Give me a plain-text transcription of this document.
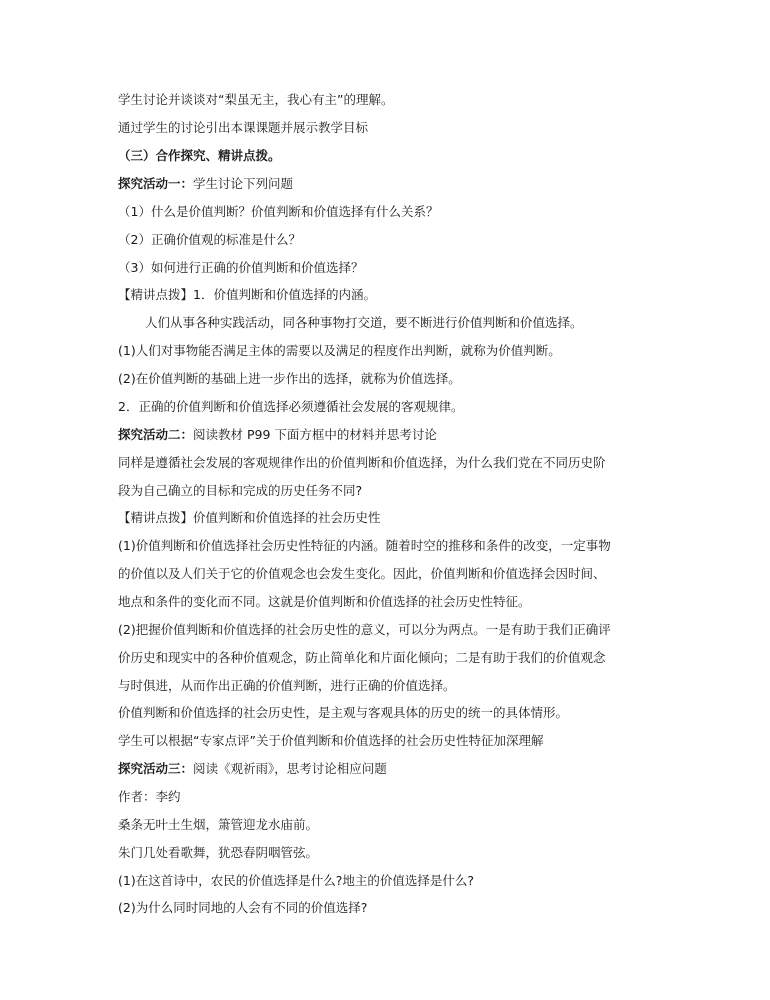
学生讨论并谈谈对“梨虽无主，我心有主”的理解。
通过学生的讨论引出本课课题并展示教学目标
（三）合作探究、精讲点拨。
探究活动一：学生讨论下列问题
（1）什么是价值判断？价值判断和价值选择有什么关系？
（2）正确价值观的标准是什么？
（3）如何进行正确的价值判断和价值选择？
【精讲点拨】1．价值判断和价值选择的内涵。
人们从事各种实践活动，同各种事物打交道，要不断进行价值判断和价值选择。
(1)人们对事物能否满足主体的需要以及满足的程度作出判断，就称为价值判断。
(2)在价值判断的基础上进一步作出的选择，就称为价值选择。
2．正确的价值判断和价值选择必须遵循社会发展的客观规律。
探究活动二：阅读教材 P99 下面方框中的材料并思考讨论
同样是遵循社会发展的客观规律作出的价值判断和价值选择，为什么我们党在不同历史阶
段为自己确立的目标和完成的历史任务不同?
【精讲点拨】价值判断和价值选择的社会历史性
(1)价值判断和价值选择社会历史性特征的内涵。随着时空的推移和条件的改变，一定事物
的价值以及人们关于它的价值观念也会发生变化。因此，价值判断和价值选择会因时间、
地点和条件的变化而不同。这就是价值判断和价值选择的社会历史性特征。
(2)把握价值判断和价值选择的社会历史性的意义，可以分为两点。一是有助于我们正确评
价历史和现实中的各种价值观念，防止简单化和片面化倾向；二是有助于我们的价值观念
与时俱进，从而作出正确的价值判断，进行正确的价值选择。
价值判断和价值选择的社会历史性，是主观与客观具体的历史的统一的具体情形。
学生可以根据“专家点评”关于价值判断和价值选择的社会历史性特征加深理解
探究活动三：阅读《观祈雨》，思考讨论相应问题
作者：李约
桑条无叶土生烟，箫管迎龙水庙前。
朱门几处看歌舞，犹恐春阴咽管弦。
(1)在这首诗中，农民的价值选择是什么?地主的价值选择是什么?
(2)为什么同时同地的人会有不同的价值选择?
